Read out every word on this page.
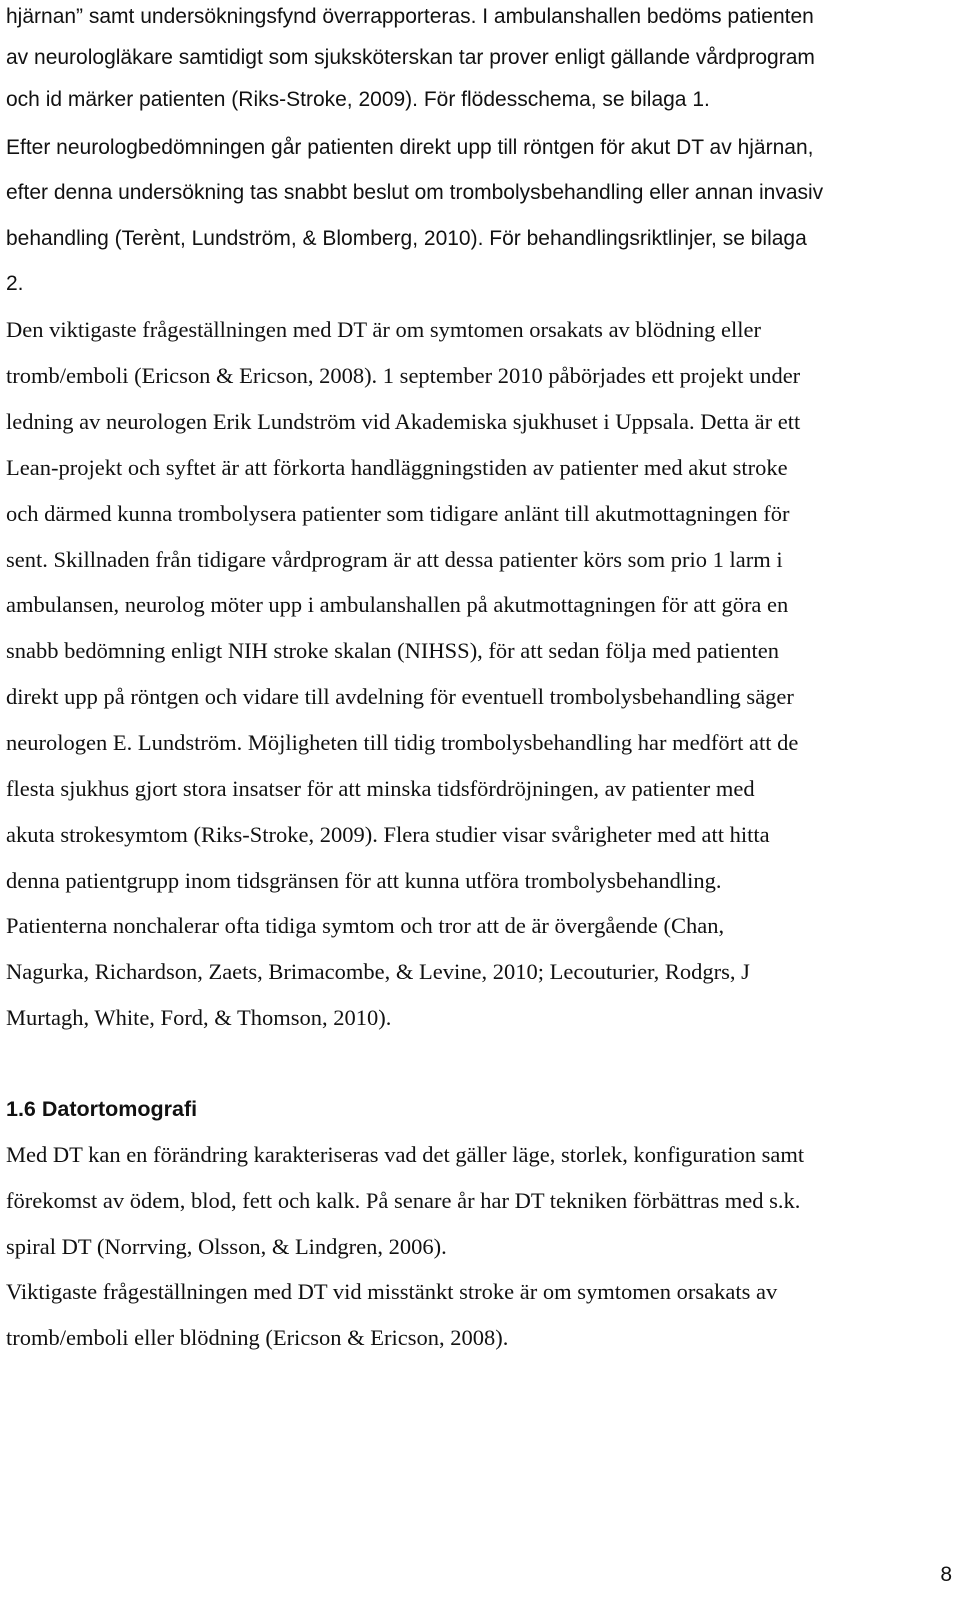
hjärnan” samt undersökningsfynd överrapporteras. I ambulanshallen bedöms patienten
av neurologläkare samtidigt som sjuksköterskan tar prover enligt gällande vårdprogram
och id märker patienten (Riks-Stroke, 2009). För flödesschema, se bilaga 1.
Efter neurologbedömningen går patienten direkt upp till röntgen för akut DT av hjärnan,
efter denna undersökning tas snabbt beslut om trombolysbehandling eller annan invasiv
behandling (Terènt, Lundström, & Blomberg, 2010). För behandlingsriktlinjer, se bilaga
2.
Den viktigaste frågeställningen med DT är om symtomen orsakats av blödning eller
tromb/emboli (Ericson & Ericson, 2008). 1 september 2010 påbörjades ett projekt under
ledning av neurologen Erik Lundström vid Akademiska sjukhuset i Uppsala. Detta är ett
Lean-projekt och syftet är att förkorta handläggningstiden av patienter med akut stroke
och därmed kunna trombolysera patienter som tidigare anlänt till akutmottagningen för
sent. Skillnaden från tidigare vårdprogram är att dessa patienter körs som prio 1 larm i
ambulansen, neurolog möter upp i ambulanshallen på akutmottagningen för att göra en
snabb bedömning enligt NIH stroke skalan (NIHSS), för att sedan följa med patienten
direkt upp på röntgen och vidare till avdelning för eventuell trombolysbehandling säger
neurologen E. Lundström. Möjligheten till tidig trombolysbehandling har medfört att de
flesta sjukhus gjort stora insatser för att minska tidsfördröjningen, av patienter med
akuta strokesymtom (Riks-Stroke, 2009). Flera studier visar svårigheter med att hitta
denna patientgrupp inom tidsgränsen för att kunna utföra trombolysbehandling.
Patienterna nonchalerar ofta tidiga symtom och tror att de är övergående (Chan,
Nagurka, Richardson, Zaets, Brimacombe, & Levine, 2010; Lecouturier, Rodgrs, J
Murtagh, White, Ford, & Thomson, 2010).
1.6 Datortomografi
Med DT kan en förändring karakteriseras vad det gäller läge, storlek, konfiguration samt
förekomst av ödem, blod, fett och kalk. På senare år har DT tekniken förbättras med s.k.
spiral DT (Norrving, Olsson, & Lindgren, 2006).
Viktigaste frågeställningen med DT vid misstänkt stroke är om symtomen orsakats av
tromb/emboli eller blödning (Ericson & Ericson, 2008).
8
